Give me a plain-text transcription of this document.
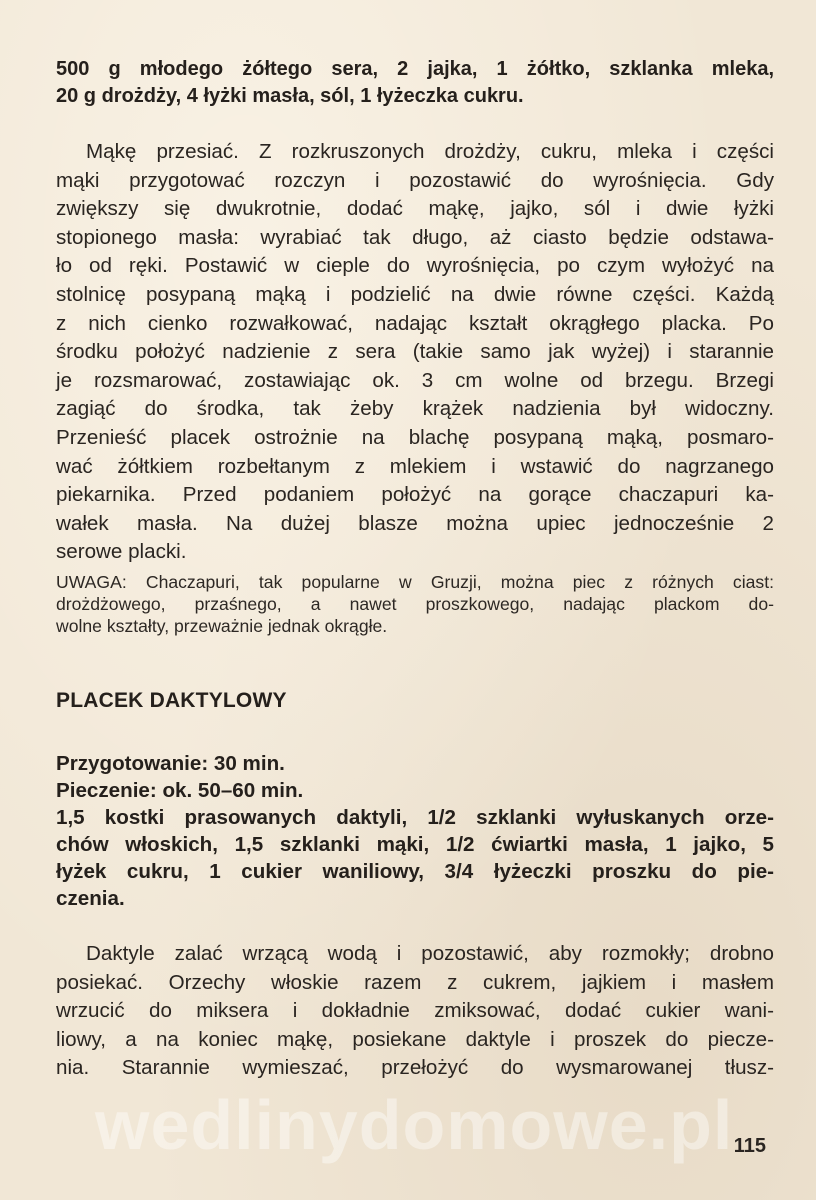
500 g młodego żółtego sera, 2 jajka, 1 żółtko, szklanka mleka,
20 g drożdży, 4 łyżki masła, sól, 1 łyżeczka cukru.
Mąkę przesiać. Z rozkruszonych drożdży, cukru, mleka i części
mąki przygotować rozczyn i pozostawić do wyrośnięcia. Gdy
zwiększy się dwukrotnie, dodać mąkę, jajko, sól i dwie łyżki
stopionego masła: wyrabiać tak długo, aż ciasto będzie odstawa-
ło od ręki. Postawić w cieple do wyrośnięcia, po czym wyłożyć na
stolnicę posypaną mąką i podzielić na dwie równe części. Każdą
z nich cienko rozwałkować, nadając kształt okrągłego placka. Po
środku położyć nadzienie z sera (takie samo jak wyżej) i starannie
je rozsmarować, zostawiając ok. 3 cm wolne od brzegu. Brzegi
zagiąć do środka, tak żeby krążek nadzienia był widoczny.
Przenieść placek ostrożnie na blachę posypaną mąką, posmaro-
wać żółtkiem rozbełtanym z mlekiem i wstawić do nagrzanego
piekarnika. Przed podaniem położyć na gorące chaczapuri ka-
wałek masła. Na dużej blasze można upiec jednocześnie 2
serowe placki.
UWAGA: Chaczapuri, tak popularne w Gruzji, można piec z różnych ciast:
drożdżowego, przaśnego, a nawet proszkowego, nadając plackom do-
wolne kształty, przeważnie jednak okrągłe.
PLACEK DAKTYLOWY
Przygotowanie: 30 min.
Pieczenie: ok. 50–60 min.
1,5 kostki prasowanych daktyli, 1/2 szklanki wyłuskanych orze-
chów włoskich, 1,5 szklanki mąki, 1/2 ćwiartki masła, 1 jajko, 5
łyżek cukru, 1 cukier waniliowy, 3/4 łyżeczki proszku do pie-
czenia.
Daktyle zalać wrzącą wodą i pozostawić, aby rozmokły; drobno
posiekać. Orzechy włoskie razem z cukrem, jajkiem i masłem
wrzucić do miksera i dokładnie zmiksować, dodać cukier wani-
liowy, a na koniec mąkę, posiekane daktyle i proszek do piecze-
nia. Starannie wymieszać, przełożyć do wysmarowanej tłusz-
wedlinydomowe.pl 115
